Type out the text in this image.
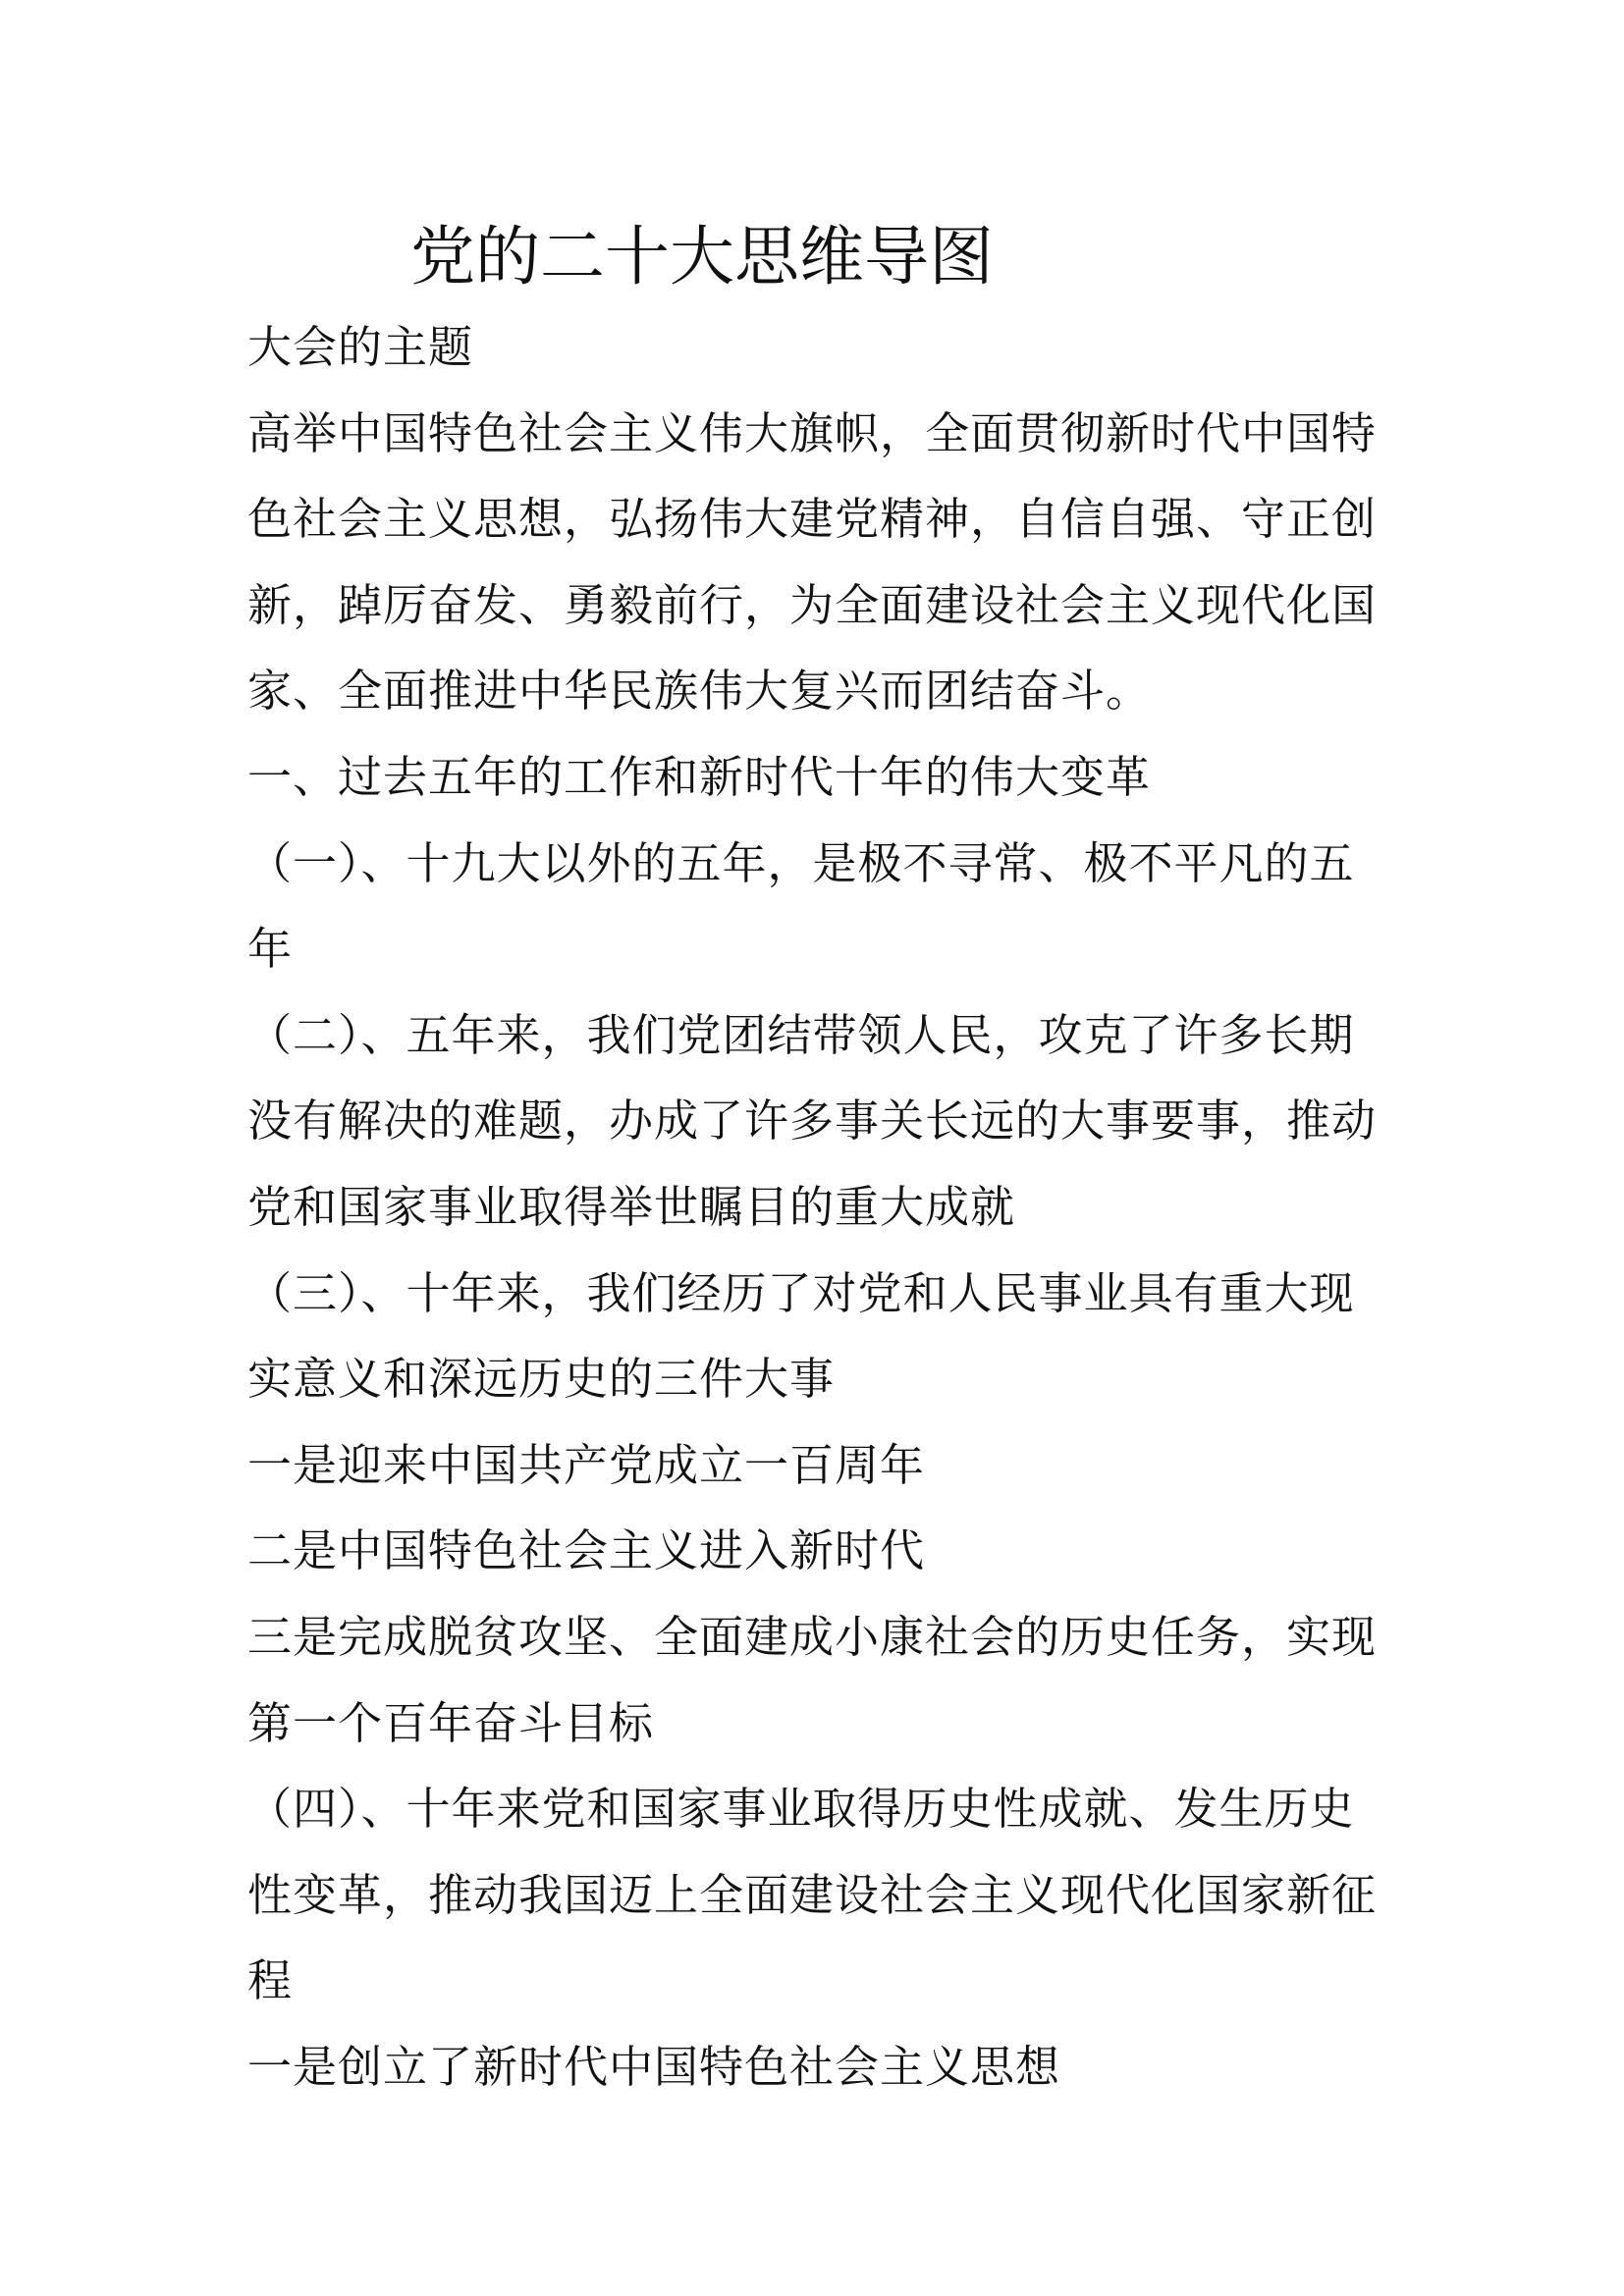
党的二十大思维导图

大会的主题

高举中国特色社会主义伟大旗帜，全面贯彻新时代中国特色社会主义思想，弘扬伟大建党精神，自信自强、守正创新，踔厉奋发、勇毅前行，为全面建设社会主义现代化国家、全面推进中华民族伟大复兴而团结奋斗。

一、过去五年的工作和新时代十年的伟大变革

（一）、十九大以外的五年，是极不寻常、极不平凡的五年

（二）、五年来，我们党团结带领人民，攻克了许多长期没有解决的难题，办成了许多事关长远的大事要事，推动党和国家事业取得举世瞩目的重大成就

（三）、十年来，我们经历了对党和人民事业具有重大现实意义和深远历史的三件大事

一是迎来中国共产党成立一百周年

二是中国特色社会主义进入新时代

三是完成脱贫攻坚、全面建成小康社会的历史任务，实现第一个百年奋斗目标

（四）、十年来党和国家事业取得历史性成就、发生历史性变革，推动我国迈上全面建设社会主义现代化国家新征程

一是创立了新时代中国特色社会主义思想
